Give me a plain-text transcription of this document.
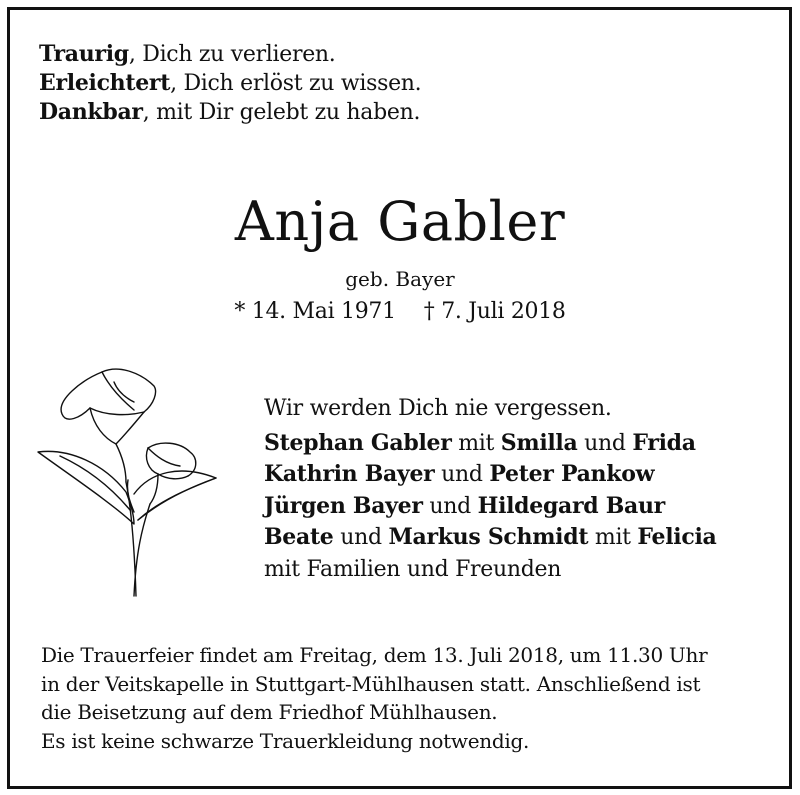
Traurig, Dich zu verlieren.
Erleichtert, Dich erlöst zu wissen.
Dankbar, mit Dir gelebt zu haben.
Anja Gabler
geb. Bayer
* 14. Mai 1971 † 7. Juli 2018
Wir werden Dich nie vergessen.
Stephan Gabler mit Smilla und Frida
Kathrin Bayer und Peter Pankow
Jürgen Bayer und Hildegard Baur
Beate und Markus Schmidt mit Felicia
mit Familien und Freunden
Die Trauerfeier findet am Freitag, dem 13. Juli 2018, um 11.30 Uhr
in der Veitskapelle in Stuttgart-Mühlhausen statt. Anschließend ist
die Beisetzung auf dem Friedhof Mühlhausen.
Es ist keine schwarze Trauerkleidung notwendig.
